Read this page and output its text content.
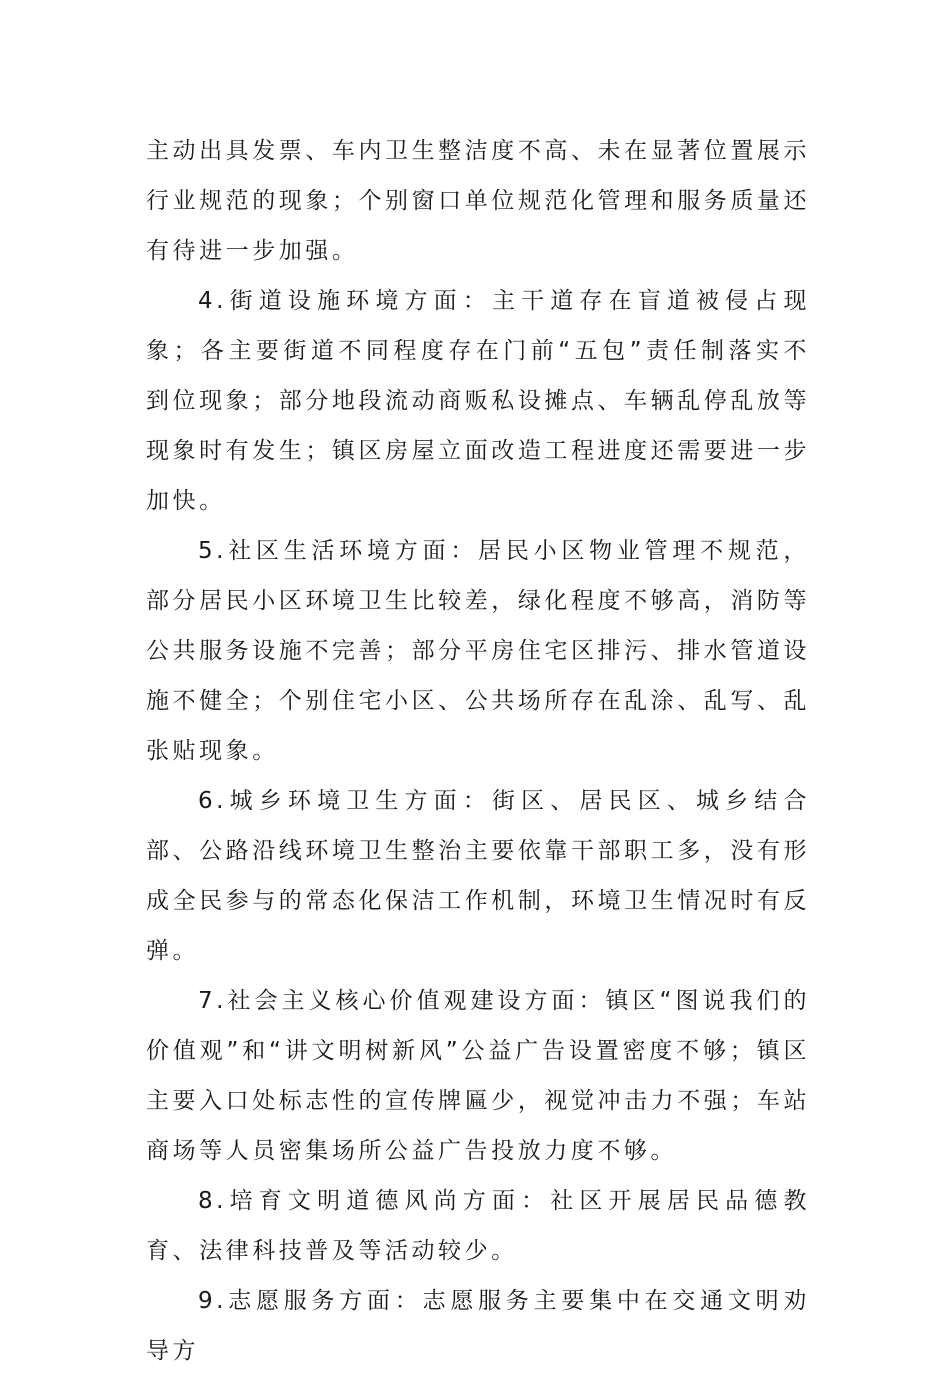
主动出具发票、车内卫生整洁度不高、未在显著位置展示行业规范的现象；个别窗口单位规范化管理和服务质量还有待进一步加强。

4.街道设施环境方面：主干道存在盲道被侵占现象；各主要街道不同程度存在门前“五包”责任制落实不到位现象；部分地段流动商贩私设摊点、车辆乱停乱放等现象时有发生；镇区房屋立面改造工程进度还需要进一步加快。

5.社区生活环境方面：居民小区物业管理不规范，部分居民小区环境卫生比较差，绿化程度不够高，消防等公共服务设施不完善；部分平房住宅区排污、排水管道设施不健全；个别住宅小区、公共场所存在乱涂、乱写、乱张贴现象。

6.城乡环境卫生方面：街区、居民区、城乡结合部、公路沿线环境卫生整治主要依靠干部职工多，没有形成全民参与的常态化保洁工作机制，环境卫生情况时有反弹。

7.社会主义核心价值观建设方面：镇区“图说我们的价值观”和“讲文明树新风”公益广告设置密度不够；镇区主要入口处标志性的宣传牌匾少，视觉冲击力不强；车站商场等人员密集场所公益广告投放力度不够。

8.培育文明道德风尚方面：社区开展居民品德教育、法律科技普及等活动较少。

9.志愿服务方面：志愿服务主要集中在交通文明劝导方
